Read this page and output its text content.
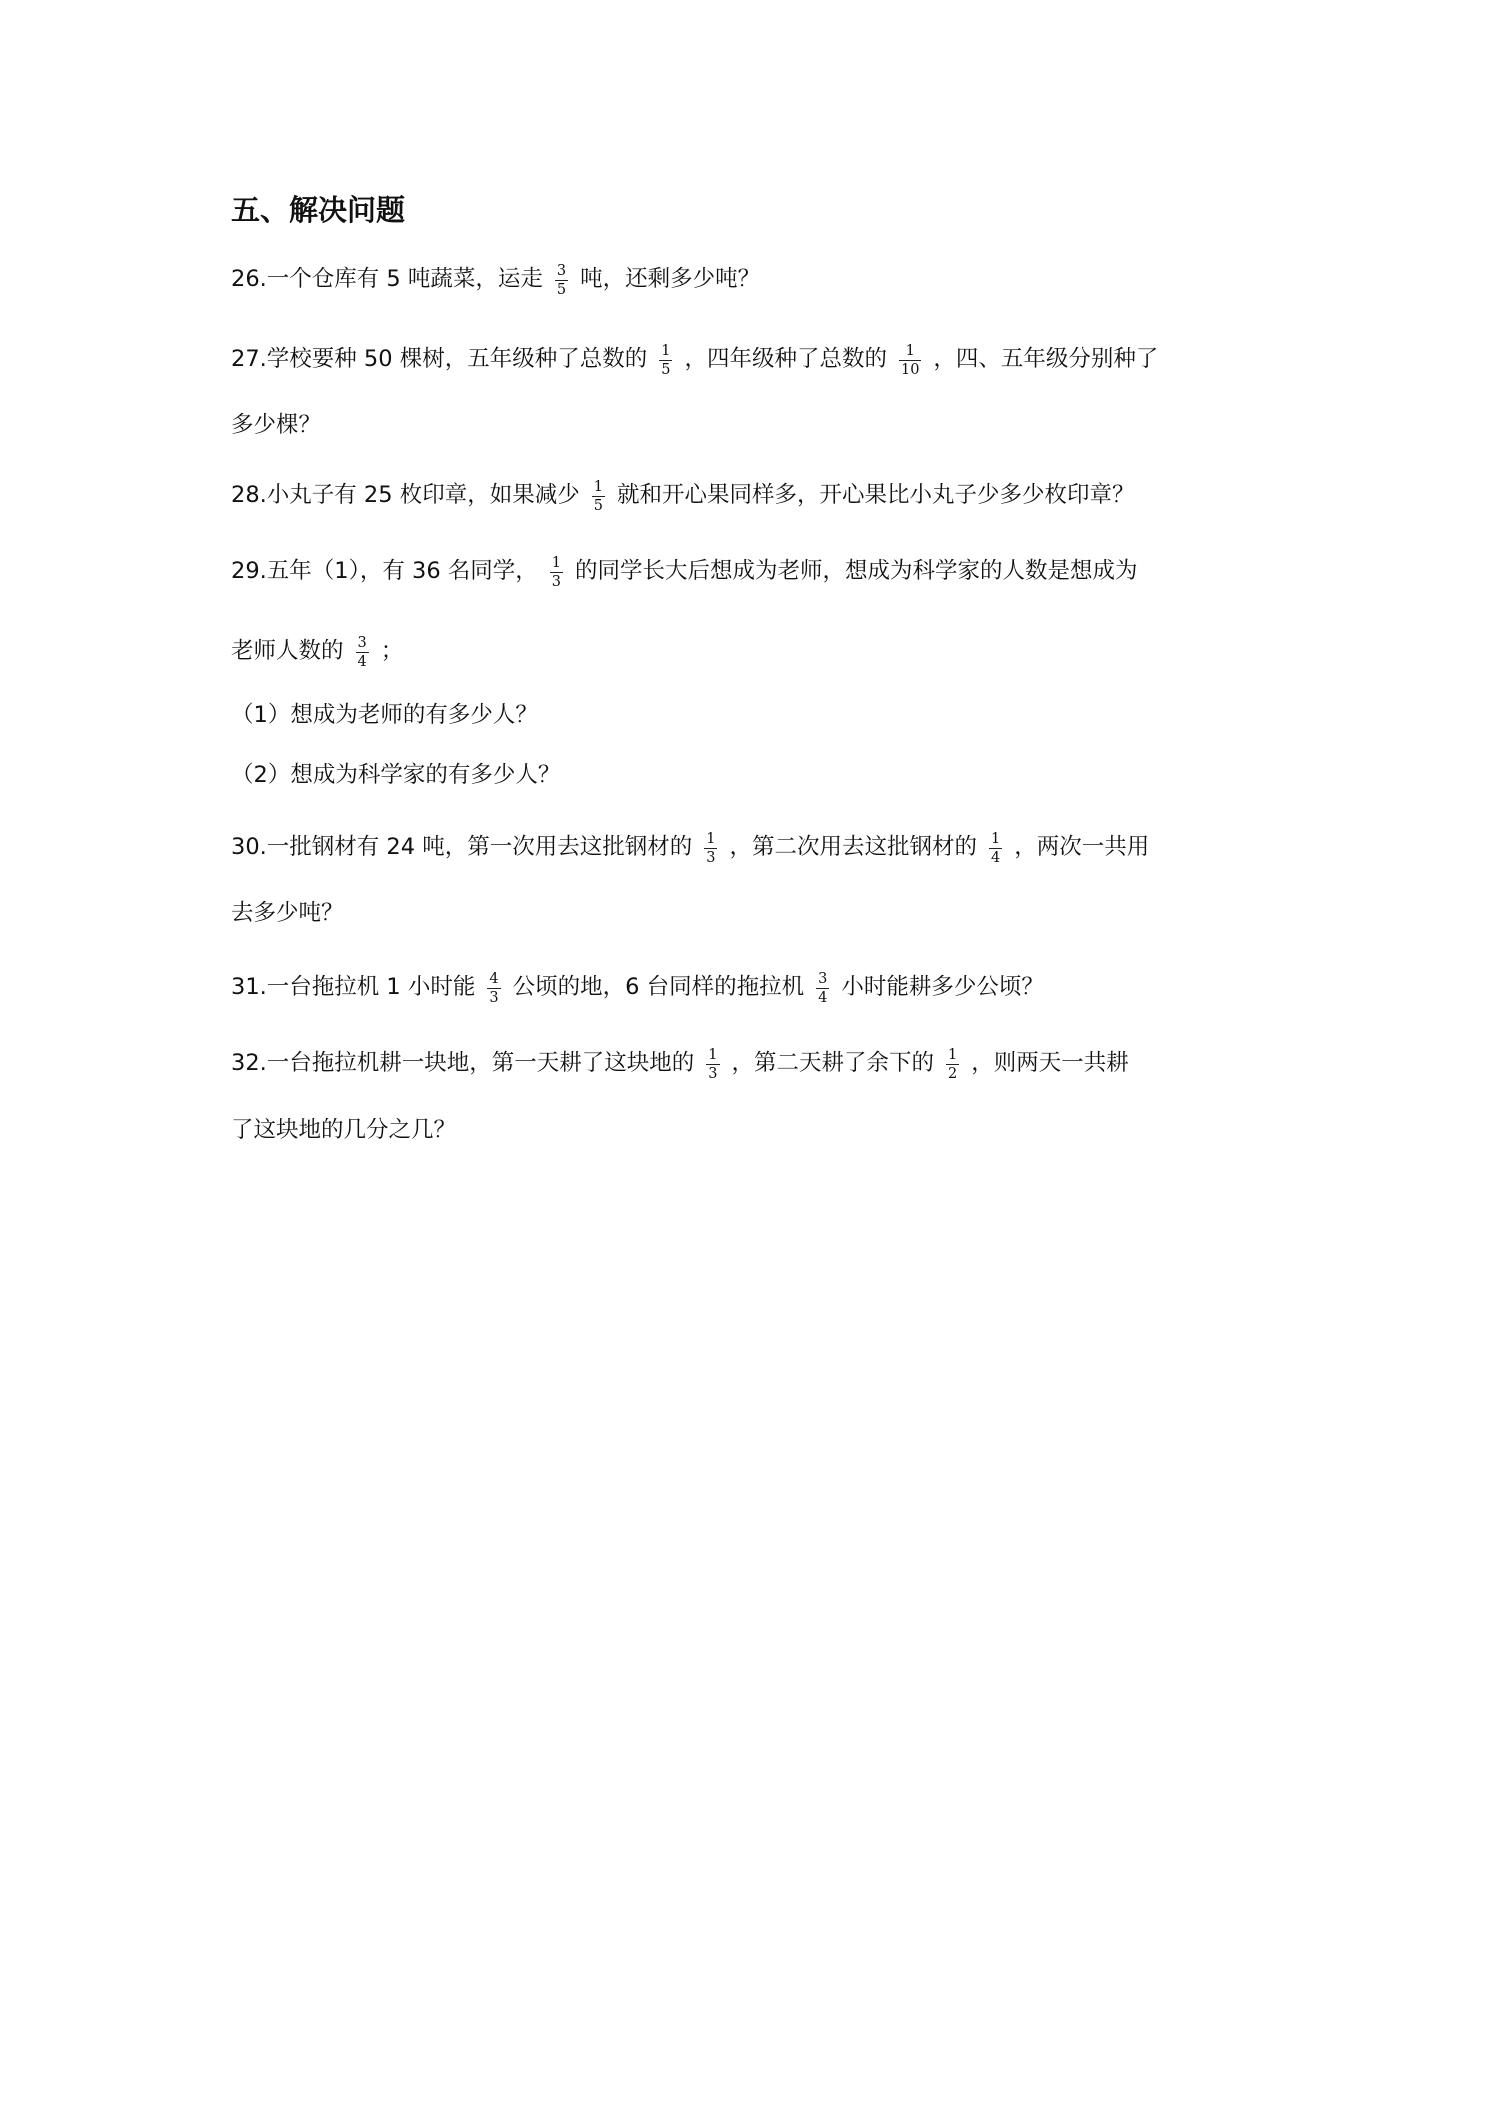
五、解决问题
26.一个仓库有 5 吨蔬菜，运走 $\frac{3}{5}$ 吨，还剩多少吨？
27.学校要种 50 棵树，五年级种了总数的 $\frac{1}{5}$ ，四年级种了总数的 $\frac{1}{10}$ ，四、五年级分别种了
多少棵？
28.小丸子有 25 枚印章，如果减少 $\frac{1}{5}$ 就和开心果同样多，开心果比小丸子少多少枚印章？
29.五年（1），有 36 名同学， $\frac{1}{3}$ 的同学长大后想成为老师，想成为科学家的人数是想成为
老师人数的 $\frac{3}{4}$ ；
（1）想成为老师的有多少人？
（2）想成为科学家的有多少人？
30.一批钢材有 24 吨，第一次用去这批钢材的 $\frac{1}{3}$ ，第二次用去这批钢材的 $\frac{1}{4}$ ，两次一共用
去多少吨？
31.一台拖拉机 1 小时能 $\frac{4}{3}$ 公顷的地，6 台同样的拖拉机 $\frac{3}{4}$ 小时能耕多少公顷？
32.一台拖拉机耕一块地，第一天耕了这块地的 $\frac{1}{3}$ ，第二天耕了余下的 $\frac{1}{2}$ ，则两天一共耕
了这块地的几分之几？
